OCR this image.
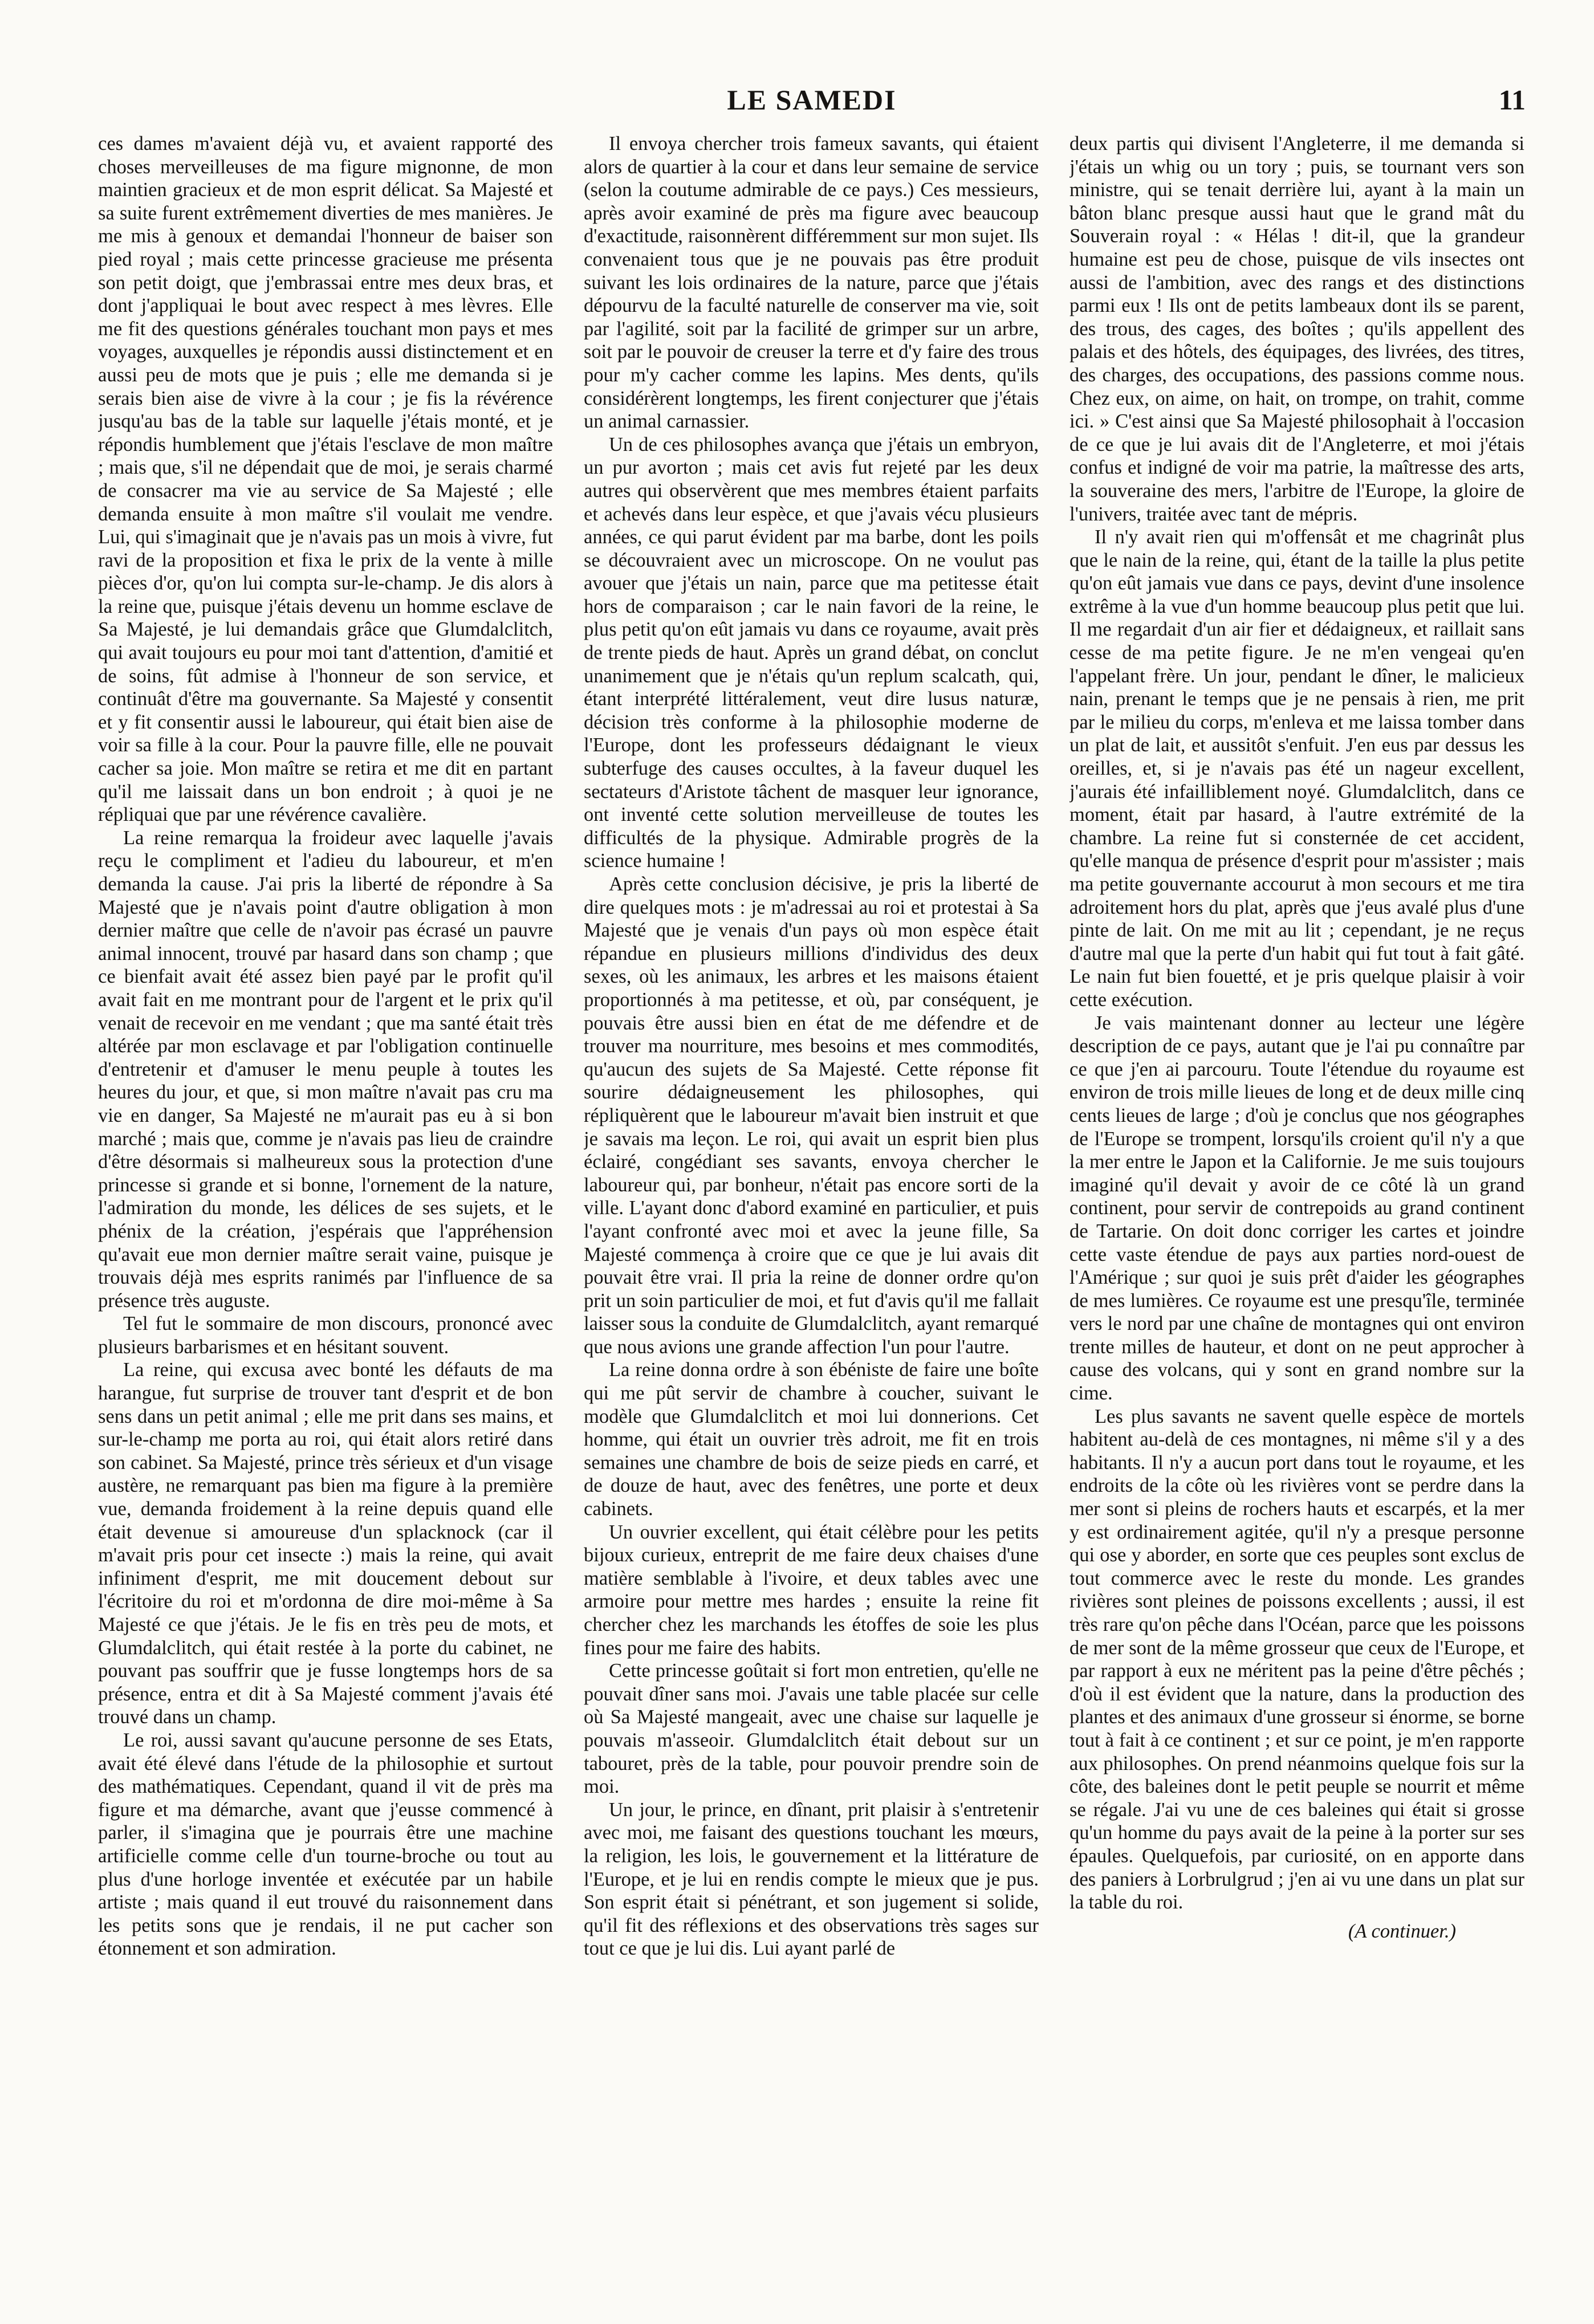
LE SAMEDI	11

ces dames m'avaient déjà vu, et avaient rapporté des choses merveilleuses de ma figure mignonne, de mon maintien gracieux et de mon esprit délicat. Sa Majesté et sa suite furent extrêmement diverties de mes manières. Je me mis à genoux et demandai l'honneur de baiser son pied royal ; mais cette princesse gracieuse me présenta son petit doigt, que j'embrassai entre mes deux bras, et dont j'appliquai le bout avec respect à mes lèvres. Elle me fit des questions générales touchant mon pays et mes voyages, auxquelles je répondis aussi distinctement et en aussi peu de mots que je puis ; elle me demanda si je serais bien aise de vivre à la cour ; je fis la révérence jusqu'au bas de la table sur laquelle j'étais monté, et je répondis humblement que j'étais l'esclave de mon maître ; mais que, s'il ne dépendait que de moi, je serais charmé de consacrer ma vie au service de Sa Majesté ; elle demanda ensuite à mon maître s'il voulait me vendre. Lui, qui s'imaginait que je n'avais pas un mois à vivre, fut ravi de la proposition et fixa le prix de la vente à mille pièces d'or, qu'on lui compta sur-le-champ. Je dis alors à la reine que, puisque j'étais devenu un homme esclave de Sa Majesté, je lui demandais grâce que Glumdalclitch, qui avait toujours eu pour moi tant d'attention, d'amitié et de soins, fût admise à l'honneur de son service, et continuât d'être ma gouvernante. Sa Majesté y consentit et y fit consentir aussi le laboureur, qui était bien aise de voir sa fille à la cour. Pour la pauvre fille, elle ne pouvait cacher sa joie. Mon maître se retira et me dit en partant qu'il me laissait dans un bon endroit ; à quoi je ne répliquai que par une révérence cavalière.

La reine remarqua la froideur avec laquelle j'avais reçu le compliment et l'adieu du laboureur, et m'en demanda la cause. J'ai pris la liberté de répondre à Sa Majesté que je n'avais point d'autre obligation à mon dernier maître que celle de n'avoir pas écrasé un pauvre animal innocent, trouvé par hasard dans son champ ; que ce bienfait avait été assez bien payé par le profit qu'il avait fait en me montrant pour de l'argent et le prix qu'il venait de recevoir en me vendant ; que ma santé était très altérée par mon esclavage et par l'obligation continuelle d'entretenir et d'amuser le menu peuple à toutes les heures du jour, et que, si mon maître n'avait pas cru ma vie en danger, Sa Majesté ne m'aurait pas eu à si bon marché ; mais que, comme je n'avais pas lieu de craindre d'être désormais si malheureux sous la protection d'une princesse si grande et si bonne, l'ornement de la nature, l'admiration du monde, les délices de ses sujets, et le phénix de la création, j'espérais que l'appréhension qu'avait eue mon dernier maître serait vaine, puisque je trouvais déjà mes esprits ranimés par l'influence de sa présence très auguste.

Tel fut le sommaire de mon discours, prononcé avec plusieurs barbarismes et en hésitant souvent.

La reine, qui excusa avec bonté les défauts de ma harangue, fut surprise de trouver tant d'esprit et de bon sens dans un petit animal ; elle me prit dans ses mains, et sur-le-champ me porta au roi, qui était alors retiré dans son cabinet. Sa Majesté, prince très sérieux et d'un visage austère, ne remarquant pas bien ma figure à la première vue, demanda froidement à la reine depuis quand elle était devenue si amoureuse d'un splacknock (car il m'avait pris pour cet insecte :) mais la reine, qui avait infiniment d'esprit, me mit doucement debout sur l'écritoire du roi et m'ordonna de dire moi-même à Sa Majesté ce que j'étais. Je le fis en très peu de mots, et Glumdalclitch, qui était restée à la porte du cabinet, ne pouvant pas souffrir que je fusse longtemps hors de sa présence, entra et dit à Sa Majesté comment j'avais été trouvé dans un champ.

Le roi, aussi savant qu'aucune personne de ses Etats, avait été élevé dans l'étude de la philosophie et surtout des mathématiques. Cependant, quand il vit de près ma figure et ma démarche, avant que j'eusse commencé à parler, il s'imagina que je pourrais être une machine artificielle comme celle d'un tourne-broche ou tout au plus d'une horloge inventée et exécutée par un habile artiste ; mais quand il eut trouvé du raisonnement dans les petits sons que je rendais, il ne put cacher son étonnement et son admiration.

Il envoya chercher trois fameux savants, qui étaient alors de quartier à la cour et dans leur semaine de service (selon la coutume admirable de ce pays.) Ces messieurs, après avoir examiné de près ma figure avec beaucoup d'exactitude, raisonnèrent différemment sur mon sujet. Ils convenaient tous que je ne pouvais pas être produit suivant les lois ordinaires de la nature, parce que j'étais dépourvu de la faculté naturelle de conserver ma vie, soit par l'agilité, soit par la facilité de grimper sur un arbre, soit par le pouvoir de creuser la terre et d'y faire des trous pour m'y cacher comme les lapins. Mes dents, qu'ils considérèrent longtemps, les firent conjecturer que j'étais un animal carnassier.

Un de ces philosophes avança que j'étais un embryon, un pur avorton ; mais cet avis fut rejeté par les deux autres qui observèrent que mes membres étaient parfaits et achevés dans leur espèce, et que j'avais vécu plusieurs années, ce qui parut évident par ma barbe, dont les poils se découvraient avec un microscope. On ne voulut pas avouer que j'étais un nain, parce que ma petitesse était hors de comparaison ; car le nain favori de la reine, le plus petit qu'on eût jamais vu dans ce royaume, avait près de trente pieds de haut. Après un grand débat, on conclut unanimement que je n'étais qu'un replum scalcath, qui, étant interprété littéralement, veut dire lusus naturæ, décision très conforme à la philosophie moderne de l'Europe, dont les professeurs dédaignant le vieux subterfuge des causes occultes, à la faveur duquel les sectateurs d'Aristote tâchent de masquer leur ignorance, ont inventé cette solution merveilleuse de toutes les difficultés de la physique. Admirable progrès de la science humaine !

Après cette conclusion décisive, je pris la liberté de dire quelques mots : je m'adressai au roi et protestai à Sa Majesté que je venais d'un pays où mon espèce était répandue en plusieurs millions d'individus des deux sexes, où les animaux, les arbres et les maisons étaient proportionnés à ma petitesse, et où, par conséquent, je pouvais être aussi bien en état de me défendre et de trouver ma nourriture, mes besoins et mes commodités, qu'aucun des sujets de Sa Majesté. Cette réponse fit sourire dédaigneusement les philosophes, qui répliquèrent que le laboureur m'avait bien instruit et que je savais ma leçon. Le roi, qui avait un esprit bien plus éclairé, congédiant ses savants, envoya chercher le laboureur qui, par bonheur, n'était pas encore sorti de la ville. L'ayant donc d'abord examiné en particulier, et puis l'ayant confronté avec moi et avec la jeune fille, Sa Majesté commença à croire que ce que je lui avais dit pouvait être vrai. Il pria la reine de donner ordre qu'on prit un soin particulier de moi, et fut d'avis qu'il me fallait laisser sous la conduite de Glumdalclitch, ayant remarqué que nous avions une grande affection l'un pour l'autre.

La reine donna ordre à son ébéniste de faire une boîte qui me pût servir de chambre à coucher, suivant le modèle que Glumdalclitch et moi lui donnerions. Cet homme, qui était un ouvrier très adroit, me fit en trois semaines une chambre de bois de seize pieds en carré, et de douze de haut, avec des fenêtres, une porte et deux cabinets.

Un ouvrier excellent, qui était célèbre pour les petits bijoux curieux, entreprit de me faire deux chaises d'une matière semblable à l'ivoire, et deux tables avec une armoire pour mettre mes hardes ; ensuite la reine fit chercher chez les marchands les étoffes de soie les plus fines pour me faire des habits.

Cette princesse goûtait si fort mon entretien, qu'elle ne pouvait dîner sans moi. J'avais une table placée sur celle où Sa Majesté mangeait, avec une chaise sur laquelle je pouvais m'asseoir. Glumdalclitch était debout sur un tabouret, près de la table, pour pouvoir prendre soin de moi.

Un jour, le prince, en dînant, prit plaisir à s'entretenir avec moi, me faisant des questions touchant les mœurs, la religion, les lois, le gouvernement et la littérature de l'Europe, et je lui en rendis compte le mieux que je pus. Son esprit était si pénétrant, et son jugement si solide, qu'il fit des réflexions et des observations très sages sur tout ce que je lui dis. Lui ayant parlé de

deux partis qui divisent l'Angleterre, il me demanda si j'étais un whig ou un tory ; puis, se tournant vers son ministre, qui se tenait derrière lui, ayant à la main un bâton blanc presque aussi haut que le grand mât du Souverain royal : « Hélas ! dit-il, que la grandeur humaine est peu de chose, puisque de vils insectes ont aussi de l'ambition, avec des rangs et des distinctions parmi eux ! Ils ont de petits lambeaux dont ils se parent, des trous, des cages, des boîtes ; qu'ils appellent des palais et des hôtels, des équipages, des livrées, des titres, des charges, des occupations, des passions comme nous. Chez eux, on aime, on hait, on trompe, on trahit, comme ici. » C'est ainsi que Sa Majesté philosophait à l'occasion de ce que je lui avais dit de l'Angleterre, et moi j'étais confus et indigné de voir ma patrie, la maîtresse des arts, la souveraine des mers, l'arbitre de l'Europe, la gloire de l'univers, traitée avec tant de mépris.

Il n'y avait rien qui m'offensât et me chagrinât plus que le nain de la reine, qui, étant de la taille la plus petite qu'on eût jamais vue dans ce pays, devint d'une insolence extrême à la vue d'un homme beaucoup plus petit que lui. Il me regardait d'un air fier et dédaigneux, et raillait sans cesse de ma petite figure. Je ne m'en vengeai qu'en l'appelant frère. Un jour, pendant le dîner, le malicieux nain, prenant le temps que je ne pensais à rien, me prit par le milieu du corps, m'enleva et me laissa tomber dans un plat de lait, et aussitôt s'enfuit. J'en eus par dessus les oreilles, et, si je n'avais pas été un nageur excellent, j'aurais été infailliblement noyé. Glumdalclitch, dans ce moment, était par hasard, à l'autre extrémité de la chambre. La reine fut si consternée de cet accident, qu'elle manqua de présence d'esprit pour m'assister ; mais ma petite gouvernante accourut à mon secours et me tira adroitement hors du plat, après que j'eus avalé plus d'une pinte de lait. On me mit au lit ; cependant, je ne reçus d'autre mal que la perte d'un habit qui fut tout à fait gâté. Le nain fut bien fouetté, et je pris quelque plaisir à voir cette exécution.

Je vais maintenant donner au lecteur une légère description de ce pays, autant que je l'ai pu connaître par ce que j'en ai parcouru. Toute l'étendue du royaume est environ de trois mille lieues de long et de deux mille cinq cents lieues de large ; d'où je conclus que nos géographes de l'Europe se trompent, lorsqu'ils croient qu'il n'y a que la mer entre le Japon et la Californie. Je me suis toujours imaginé qu'il devait y avoir de ce côté là un grand continent, pour servir de contrepoids au grand continent de Tartarie. On doit donc corriger les cartes et joindre cette vaste étendue de pays aux parties nord-ouest de l'Amérique ; sur quoi je suis prêt d'aider les géographes de mes lumières. Ce royaume est une presqu'île, terminée vers le nord par une chaîne de montagnes qui ont environ trente milles de hauteur, et dont on ne peut approcher à cause des volcans, qui y sont en grand nombre sur la cime.

Les plus savants ne savent quelle espèce de mortels habitent au-delà de ces montagnes, ni même s'il y a des habitants. Il n'y a aucun port dans tout le royaume, et les endroits de la côte où les rivières vont se perdre dans la mer sont si pleins de rochers hauts et escarpés, et la mer y est ordinairement agitée, qu'il n'y a presque personne qui ose y aborder, en sorte que ces peuples sont exclus de tout commerce avec le reste du monde. Les grandes rivières sont pleines de poissons excellents ; aussi, il est très rare qu'on pêche dans l'Océan, parce que les poissons de mer sont de la même grosseur que ceux de l'Europe, et par rapport à eux ne méritent pas la peine d'être pêchés ; d'où il est évident que la nature, dans la production des plantes et des animaux d'une grosseur si énorme, se borne tout à fait à ce continent ; et sur ce point, je m'en rapporte aux philosophes. On prend néanmoins quelque fois sur la côte, des baleines dont le petit peuple se nourrit et même se régale. J'ai vu une de ces baleines qui était si grosse qu'un homme du pays avait de la peine à la porter sur ses épaules. Quelquefois, par curiosité, on en apporte dans des paniers à Lorbrulgrud ; j'en ai vu une dans un plat sur la table du roi.

(A continuer.)
